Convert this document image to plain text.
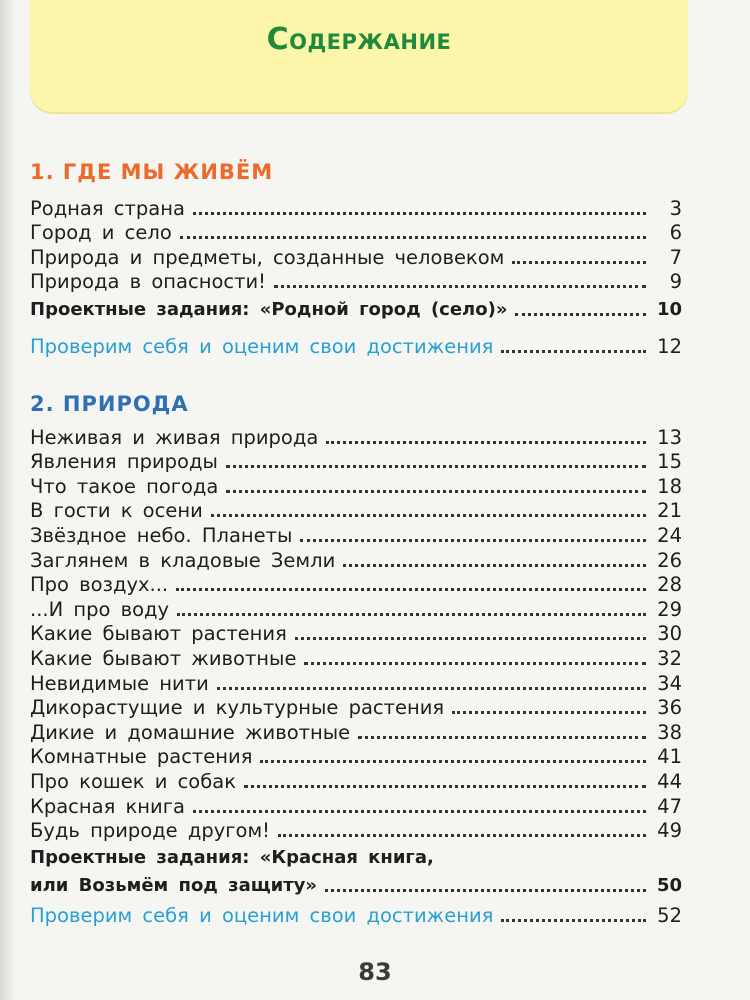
Содержание
1. ГДЕ МЫ ЖИВЁМ
Родная страна	3
Город и село	6
Природа и предметы, созданные человеком	7
Природа в опасности!	9
Проектные задания: «Родной город (село)»	10
Проверим себя и оценим свои достижения	12
2. ПРИРОДА
Неживая и живая природа	13
Явления природы	15
Что такое погода	18
В гости к осени	21
Звёздное небо. Планеты	24
Заглянем в кладовые Земли	26
Про воздух...	28
...И про воду	29
Какие бывают растения	30
Какие бывают животные	32
Невидимые нити	34
Дикорастущие и культурные растения	36
Дикие и домашние животные	38
Комнатные растения	41
Про кошек и собак	44
Красная книга	47
Будь природе другом!	49
Проектные задания: «Красная книга,
или Возьмём под защиту»	50
Проверим себя и оценим свои достижения	52
83
